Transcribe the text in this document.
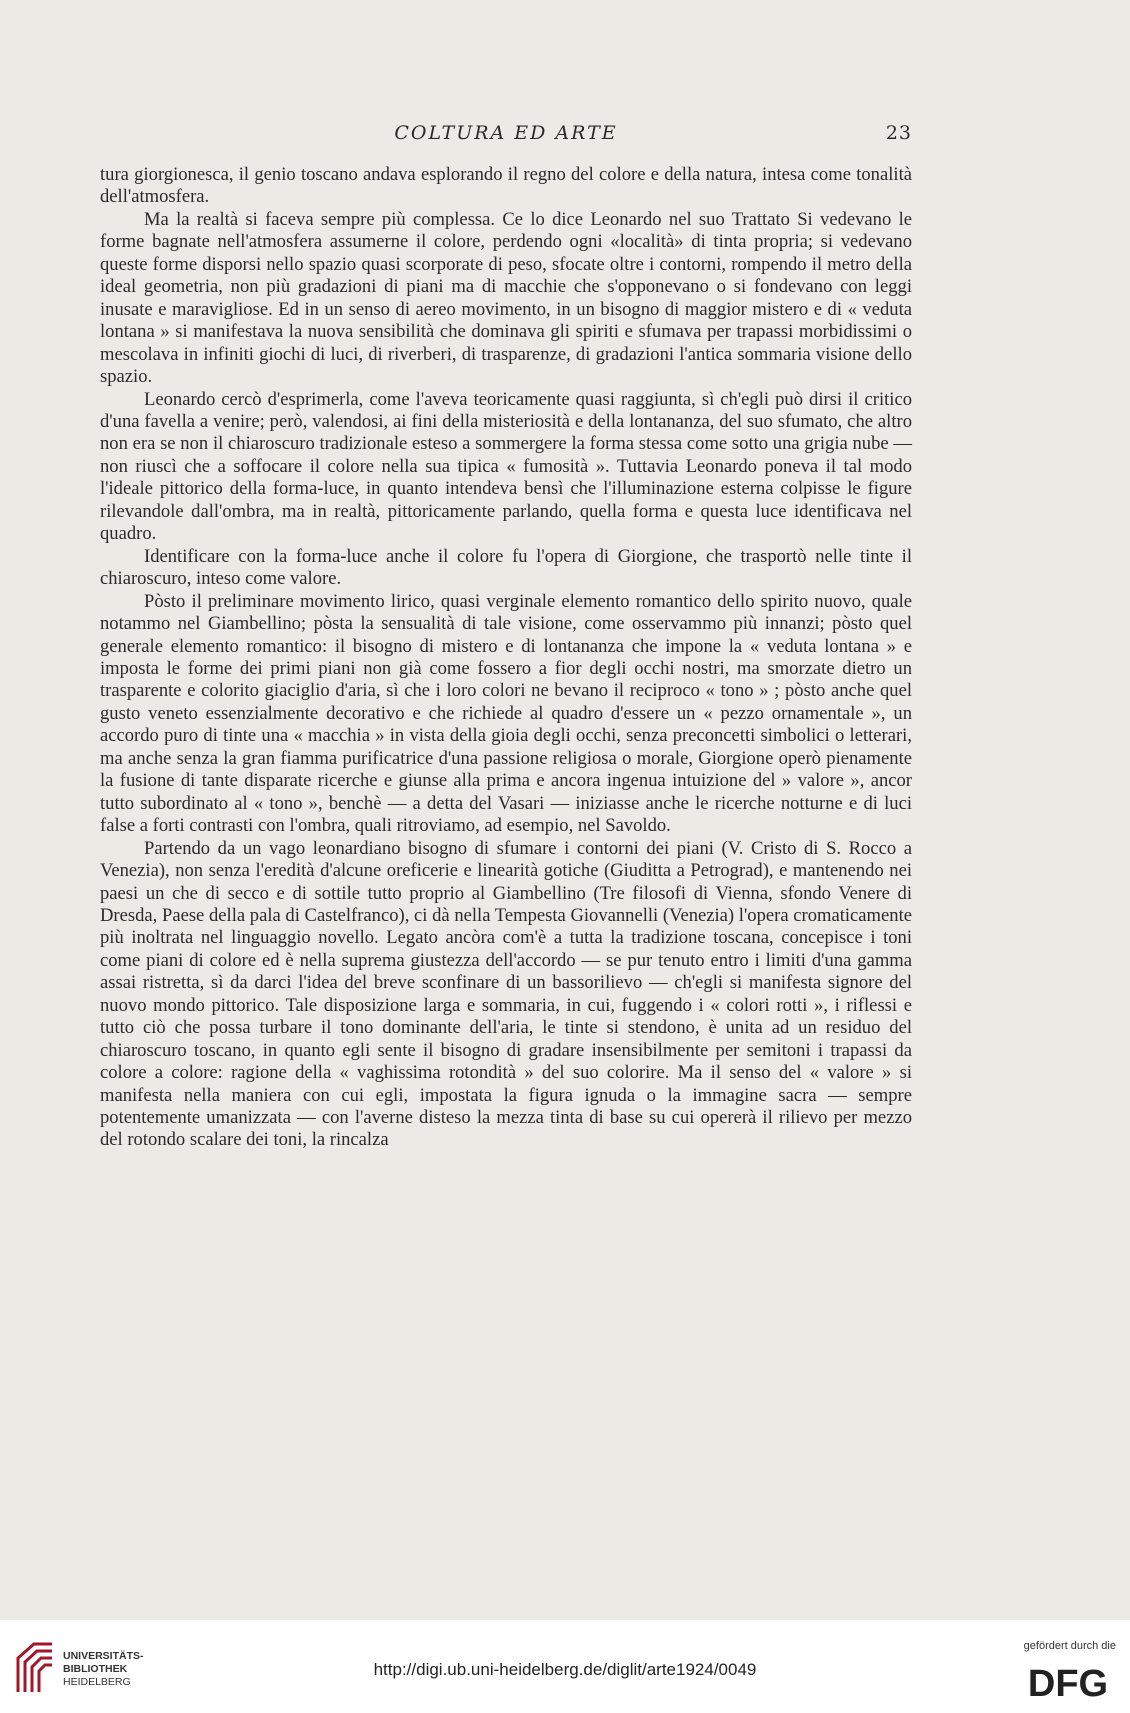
COLTURA ED ARTE	23

tura giorgionesca, il genio toscano andava esplorando il regno del colore e della natura, intesa come tonalità dell'atmosfera.

Ma la realtà si faceva sempre più complessa. Ce lo dice Leonardo nel suo Trattato Si vedevano le forme bagnate nell'atmosfera assumerne il colore, perdendo ogni «località» di tinta propria; si vedevano queste forme disporsi nello spazio quasi scorporate di peso, sfocate oltre i contorni, rompendo il metro della ideal geometria, non più gradazioni di piani ma di macchie che s'opponevano o si fondevano con leggi inusate e maravigliose. Ed in un senso di aereo movimento, in un bisogno di maggior mistero e di « veduta lontana » si manifestava la nuova sensibilità che dominava gli spiriti e sfumava per trapassi morbidissimi o mescolava in infiniti giochi di luci, di riverberi, di trasparenze, di gradazioni l'antica sommaria visione dello spazio.

Leonardo cercò d'esprimerla, come l'aveva teoricamente quasi raggiunta, sì ch'egli può dirsi il critico d'una favella a venire; però, valendosi, ai fini della misteriosità e della lontananza, del suo sfumato, che altro non era se non il chiaroscuro tradizionale esteso a sommergere la forma stessa come sotto una grigia nube — non riuscì che a soffocare il colore nella sua tipica « fumosità ». Tuttavia Leonardo poneva il tal modo l'ideale pittorico della forma-luce, in quanto intendeva bensì che l'illuminazione esterna colpisse le figure rilevandole dall'ombra, ma in realtà, pittoricamente parlando, quella forma e questa luce identificava nel quadro.

Identificare con la forma-luce anche il colore fu l'opera di Giorgione, che trasportò nelle tinte il chiaroscuro, inteso come valore.

Pòsto il preliminare movimento lirico, quasi verginale elemento romantico dello spirito nuovo, quale notammo nel Giambellino; pòsta la sensualità di tale visione, come osservammo più innanzi; pòsto quel generale elemento romantico: il bisogno di mistero e di lontananza che impone la « veduta lontana » e imposta le forme dei primi piani non già come fossero a fior degli occhi nostri, ma smorzate dietro un trasparente e colorito giaciglio d'aria, sì che i loro colori ne bevano il reciproco « tono » ; pòsto anche quel gusto veneto essenzialmente decorativo e che richiede al quadro d'essere un « pezzo ornamentale », un accordo puro di tinte una « macchia » in vista della gioia degli occhi, senza preconcetti simbolici o letterari, ma anche senza la gran fiamma purificatrice d'una passione religiosa o morale, Giorgione operò pienamente la fusione di tante disparate ricerche e giunse alla prima e ancora ingenua intuizione del » valore », ancor tutto subordinato al « tono », benchè — a detta del Vasari — iniziasse anche le ricerche notturne e di luci false a forti contrasti con l'ombra, quali ritroviamo, ad esempio, nel Savoldo.

Partendo da un vago leonardiano bisogno di sfumare i contorni dei piani (V. Cristo di S. Rocco a Venezia), non senza l'eredità d'alcune oreficerie e linearità gotiche (Giuditta a Petrograd), e mantenendo nei paesi un che di secco e di sottile tutto proprio al Giambellino (Tre filosofi di Vienna, sfondo Venere di Dresda, Paese della pala di Castelfranco), ci dà nella Tempesta Giovannelli (Venezia) l'opera cromaticamente più inoltrata nel linguaggio novello. Legato ancòra com'è a tutta la tradizione toscana, concepisce i toni come piani di colore ed è nella suprema giustezza dell'accordo — se pur tenuto entro i limiti d'una gamma assai ristretta, sì da darci l'idea del breve sconfinare di un bassorilievo — ch'egli si manifesta signore del nuovo mondo pittorico. Tale disposizione larga e sommaria, in cui, fuggendo i « colori rotti », i riflessi e tutto ciò che possa turbare il tono dominante dell'aria, le tinte si stendono, è unita ad un residuo del chiaroscuro toscano, in quanto egli sente il bisogno di gradare insensibilmente per semitoni i trapassi da colore a colore: ragione della « vaghissima rotondità » del suo colorire. Ma il senso del « valore » si manifesta nella maniera con cui egli, impostata la figura ignuda o la immagine sacra — sempre potentemente umanizzata — con l'averne disteso la mezza tinta di base su cui opererà il rilievo per mezzo del rotondo scalare dei toni, la rincalza

UNIVERSITÄTS-
BIBLIOTHEK
HEIDELBERG
http://digi.ub.uni-heidelberg.de/diglit/arte1924/0049
gefördert durch die
DFG
